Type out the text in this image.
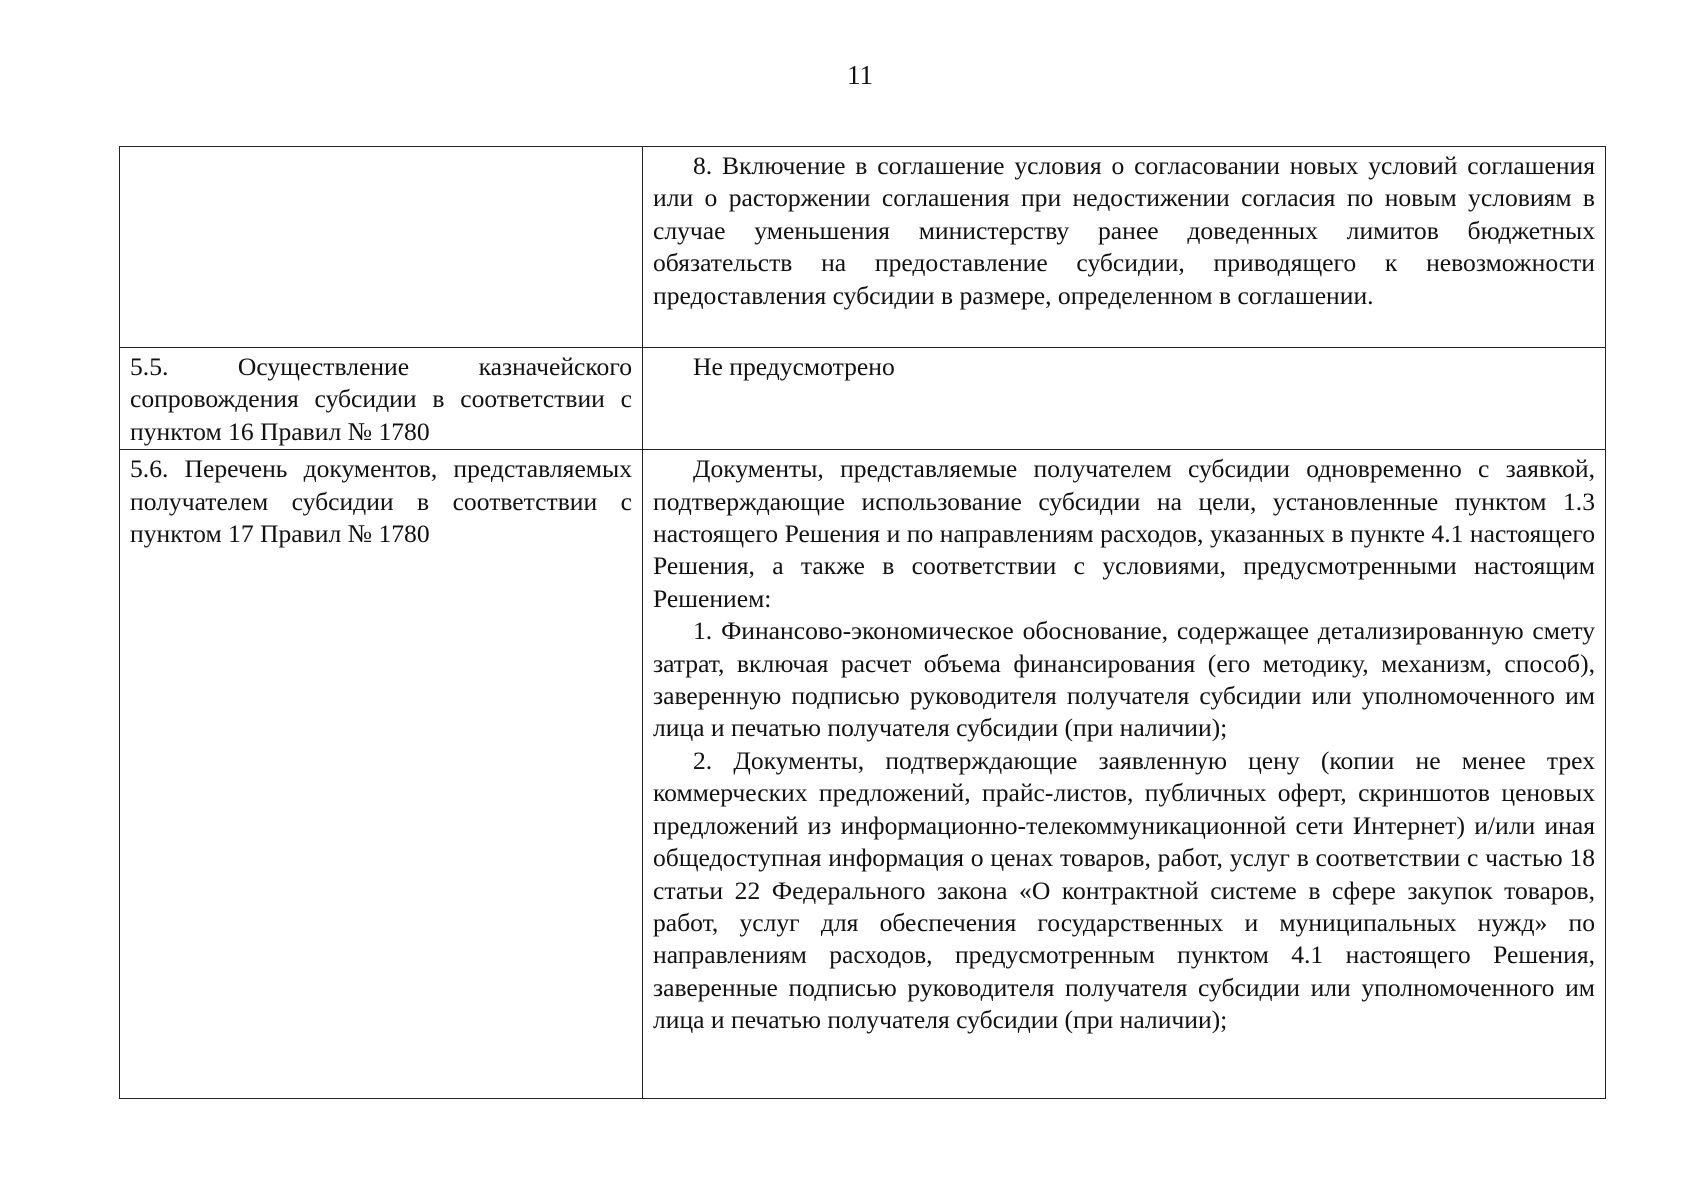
11

	8. Включение в соглашение условия о согласовании новых условий соглашения или о расторжении соглашения при недостижении согласия по новым условиям в случае уменьшения министерству ранее доведенных лимитов бюджетных обязательств на предоставление субсидии, приводящего к невозможности предоставления субсидии в размере, определенном в соглашении.

5.5. Осуществление казначейского сопровождения субсидии в соответствии с пунктом 16 Правил № 1780	Не предусмотрено

5.6. Перечень документов, представляемых получателем субсидии в соответствии с пунктом 17 Правил № 1780	Документы, представляемые получателем субсидии одновременно с заявкой, подтверждающие использование субсидии на цели, установленные пунктом 1.3 настоящего Решения и по направлениям расходов, указанных в пункте 4.1 настоящего Решения, а также в соответствии с условиями, предусмотренными настоящим Решением:

1. Финансово-экономическое обоснование, содержащее детализированную смету затрат, включая расчет объема финансирования (его методику, механизм, способ), заверенную подписью руководителя получателя субсидии или уполномоченного им лица и печатью получателя субсидии (при наличии);

2. Документы, подтверждающие заявленную цену (копии не менее трех коммерческих предложений, прайс-листов, публичных оферт, скриншотов ценовых предложений из информационно-телекоммуникационной сети Интернет) и/или иная общедоступная информация о ценах товаров, работ, услуг в соответствии с частью 18 статьи 22 Федерального закона «О контрактной системе в сфере закупок товаров, работ, услуг для обеспечения государственных и муниципальных нужд» по направлениям расходов, предусмотренным пунктом 4.1 настоящего Решения, заверенные подписью руководителя получателя субсидии или уполномоченного им лица и печатью получателя субсидии (при наличии);
